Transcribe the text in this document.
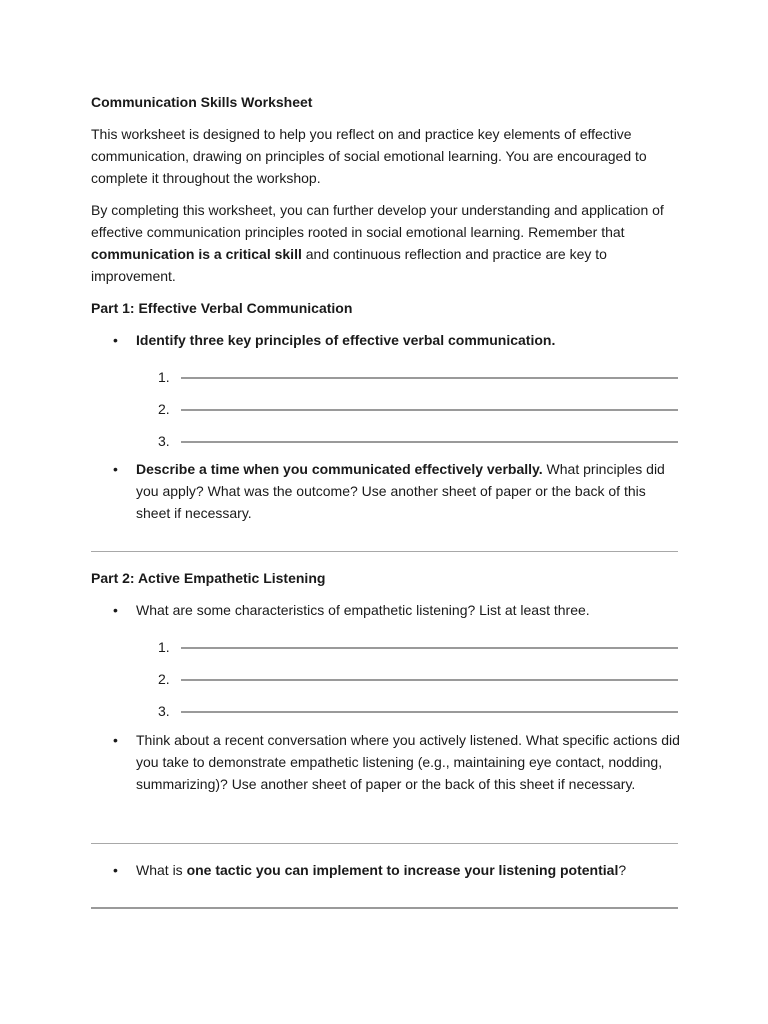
Communication Skills Worksheet

This worksheet is designed to help you reflect on and practice key elements of effective communication, drawing on principles of social emotional learning. You are encouraged to complete it throughout the workshop.

By completing this worksheet, you can further develop your understanding and application of effective communication principles rooted in social emotional learning. Remember that communication is a critical skill and continuous reflection and practice are key to improvement.

Part 1: Effective Verbal Communication

• Identify three key principles of effective verbal communication.

1.
2.
3.
• Describe a time when you communicated effectively verbally. What principles did you apply? What was the outcome? Use another sheet of paper or the back of this sheet if necessary.

Part 2: Active Empathetic Listening

• What are some characteristics of empathetic listening? List at least three.

1.
2.
3.
• Think about a recent conversation where you actively listened. What specific actions did you take to demonstrate empathetic listening (e.g., maintaining eye contact, nodding, summarizing)? Use another sheet of paper or the back of this sheet if necessary.

• What is one tactic you can implement to increase your listening potential?
